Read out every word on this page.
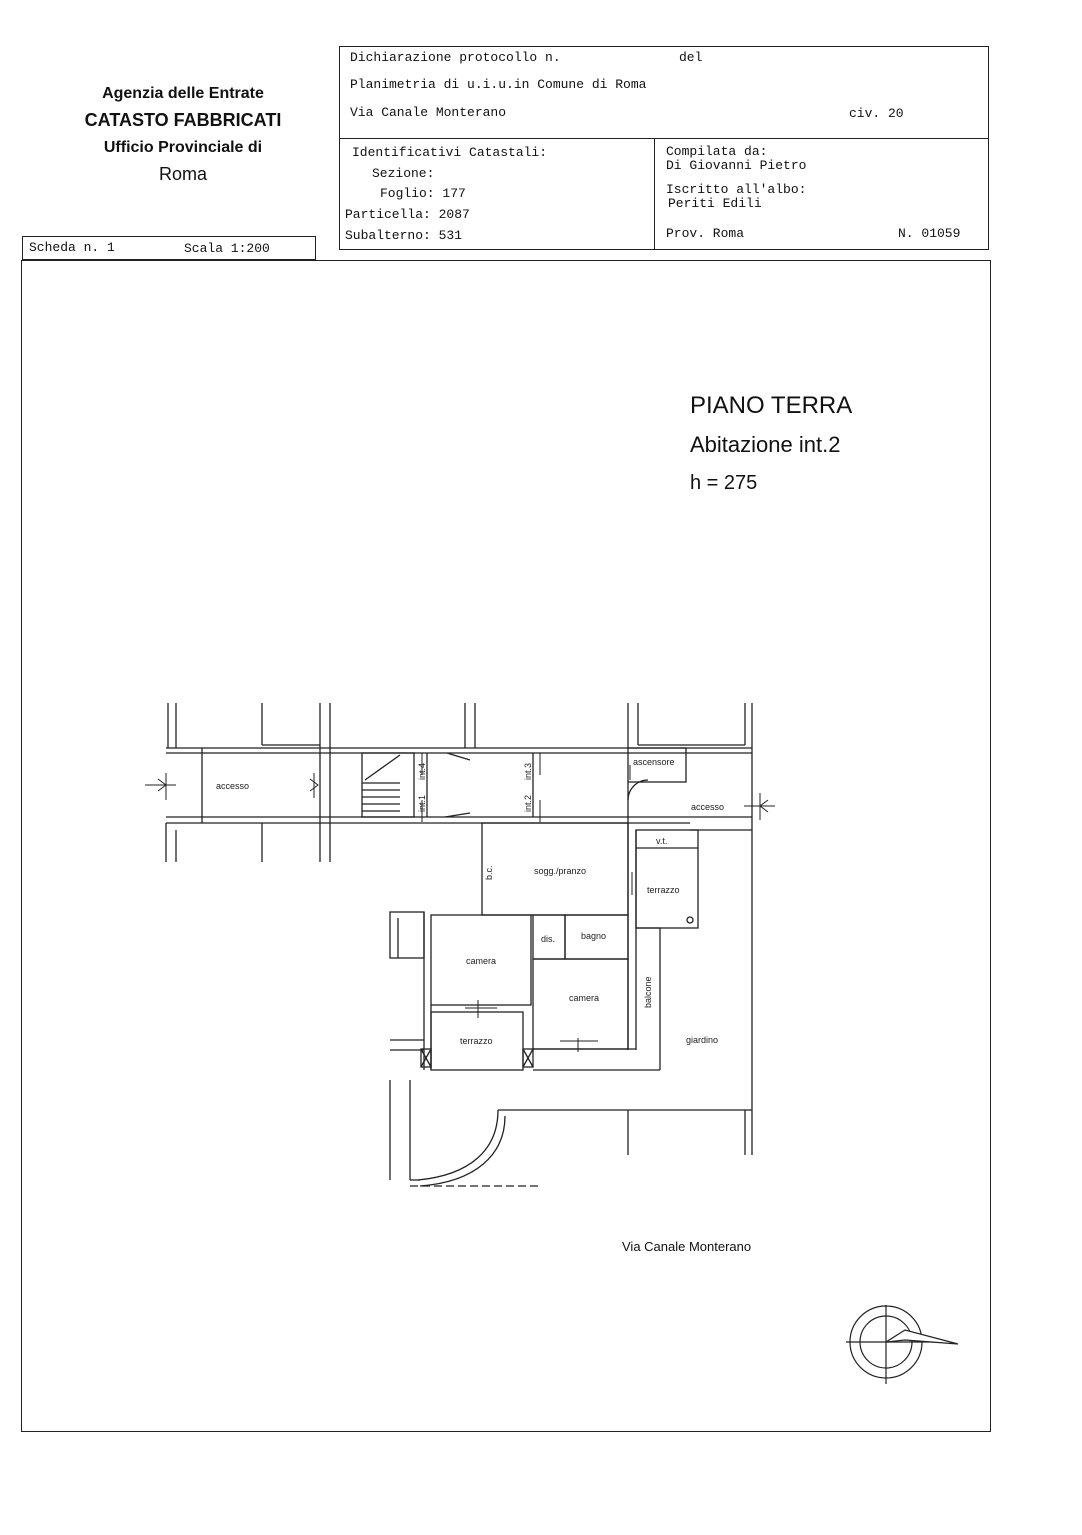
Agenzia delle Entrate
CATASTO FABBRICATI
Ufficio Provinciale di
Roma
Dichiarazione protocollo n.	del
Planimetria di u.i.u.in Comune di Roma
Via Canale Monterano	civ. 20
Identificativi Catastali:
Sezione:
Foglio: 177
Particella: 2087
Subalterno: 531
Compilata da:
Di Giovanni Pietro
Iscritto all'albo:
Periti Edili
Prov. Roma	N. 01059
Scheda n. 1	Scala 1:200
PIANO TERRA
Abitazione int.2
h = 275
accesso
accesso
ascensore
int.4	int.3
int.1	int.2
v.t.
b.c.	sogg./pranzo
terrazzo
dis.	bagno
camera
camera	balcone
giardino
terrazzo
Via Canale Monterano
